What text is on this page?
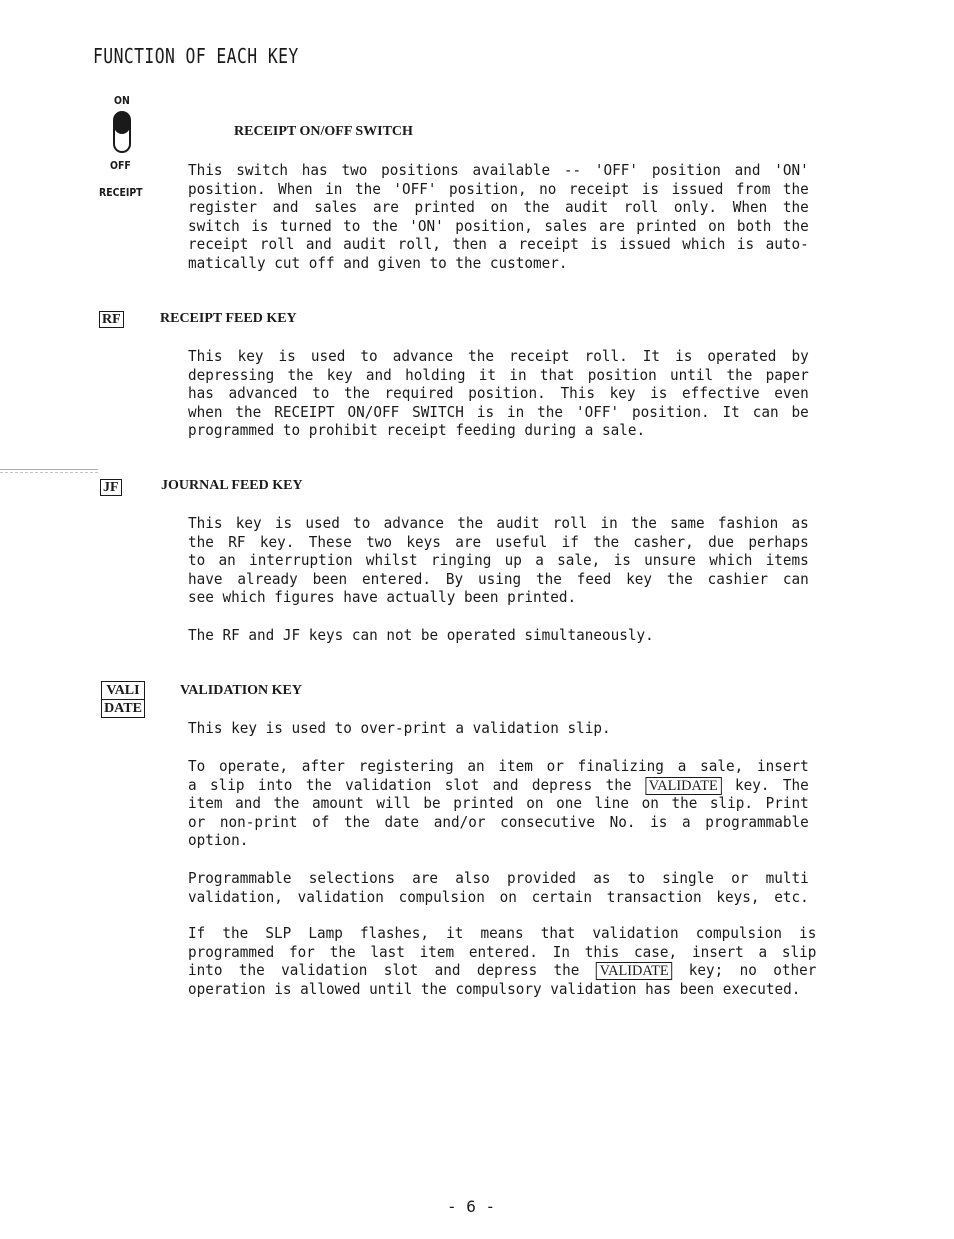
FUNCTION OF EACH KEY
ON
OFF
RECEIPT
RECEIPT ON/OFF SWITCH
This switch has two positions available -- 'OFF' position and 'ON'
position. When in the 'OFF' position, no receipt is issued from the
register and sales are printed on the audit roll only. When the
switch is turned to the 'ON' position, sales are printed on both the
receipt roll and audit roll, then a receipt is issued which is auto-
matically cut off and given to the customer.
RF	RECEIPT FEED KEY
This key is used to advance the receipt roll. It is operated by
depressing the key and holding it in that position until the paper
has advanced to the required position. This key is effective even
when the RECEIPT ON/OFF SWITCH is in the 'OFF' position. It can be
programmed to prohibit receipt feeding during a sale.
JF	JOURNAL FEED KEY
This key is used to advance the audit roll in the same fashion as
the RF key. These two keys are useful if the casher, due perhaps
to an interruption whilst ringing up a sale, is unsure which items
have already been entered. By using the feed key the cashier can
see which figures have actually been printed.
The RF and JF keys can not be operated simultaneously.
VALI
DATE
VALIDATION KEY
This key is used to over-print a validation slip.
To operate, after registering an item or finalizing a sale, insert
a slip into the validation slot and depress the VALIDATE key. The
item and the amount will be printed on one line on the slip. Print
or non-print of the date and/or consecutive No. is a programmable
option.
Programmable selections are also provided as to single or multi
validation, validation compulsion on certain transaction keys, etc.
If the SLP Lamp flashes, it means that validation compulsion is
programmed for the last item entered. In this case, insert a slip
into the validation slot and depress the VALIDATE key; no other
operation is allowed until the compulsory validation has been executed.
- 6 -
